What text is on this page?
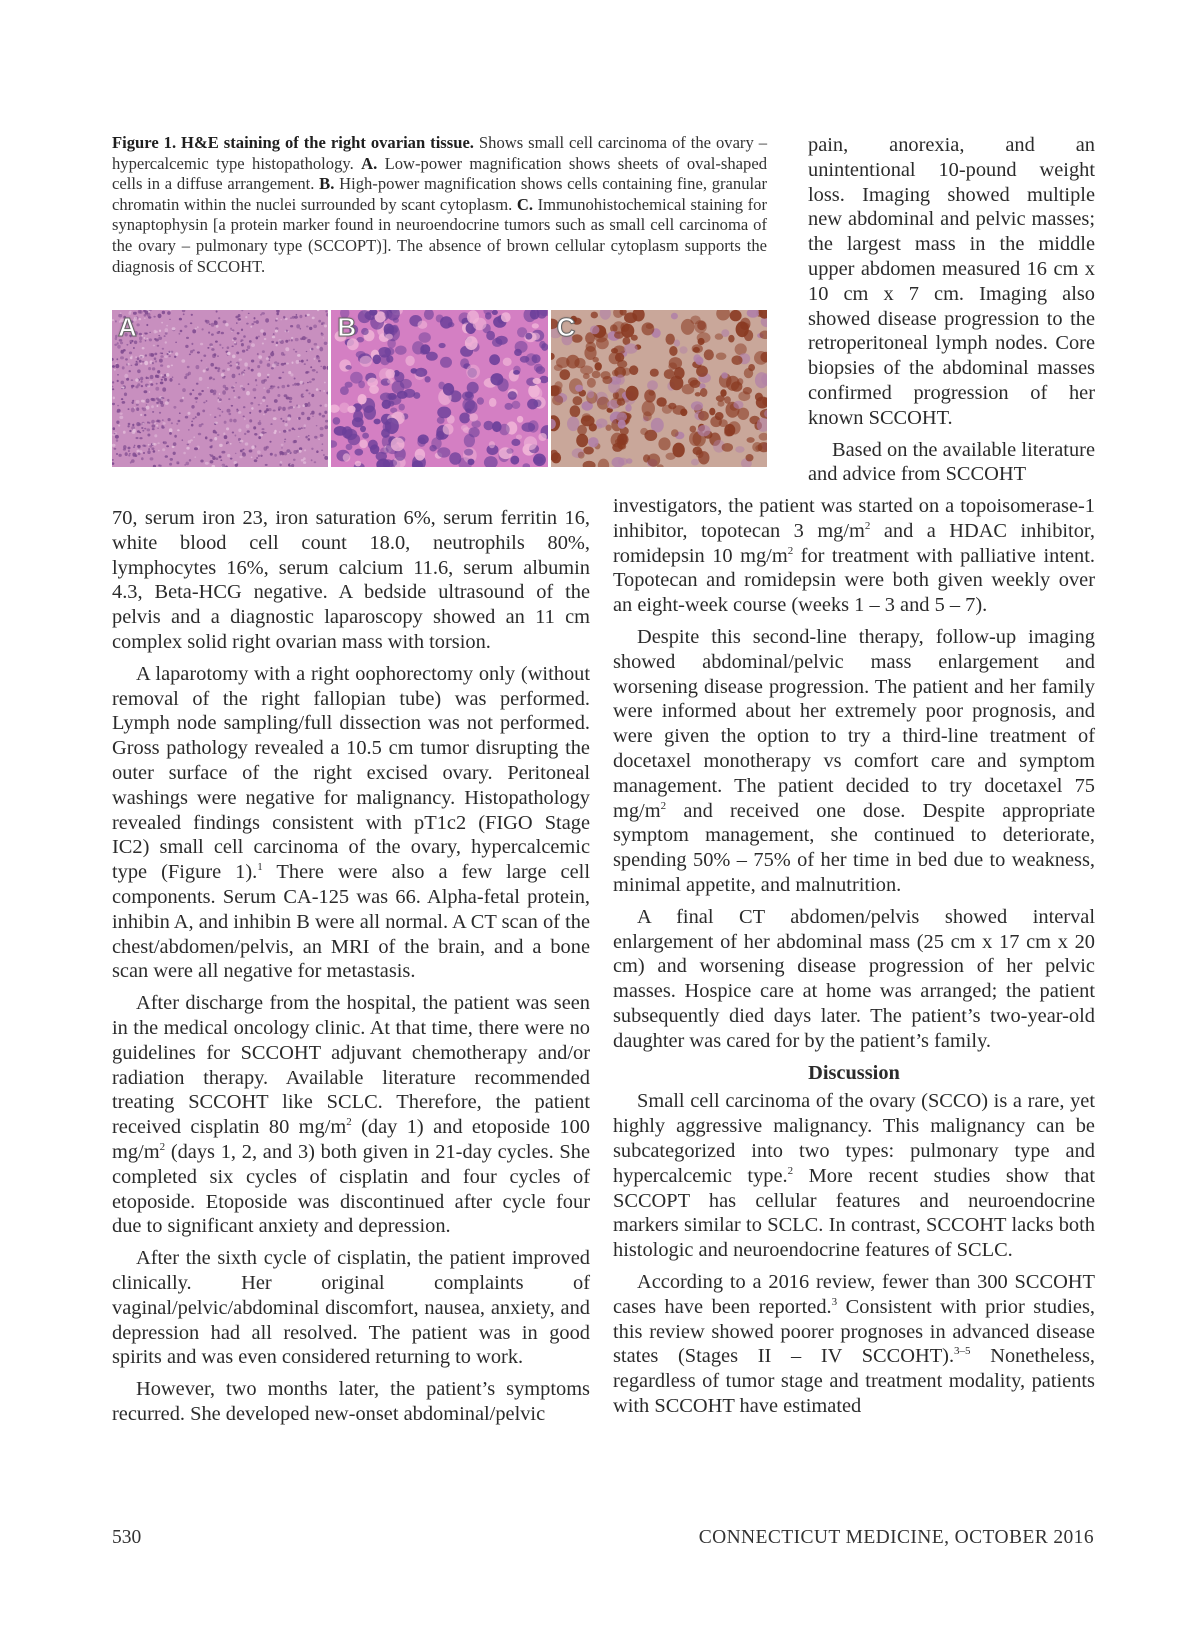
Figure 1. H&E staining of the right ovarian tissue. Shows small cell carcinoma of the ovary – hypercalcemic type histopathology. A. Low-power magnification shows sheets of oval-shaped cells in a diffuse arrangement. B. High-power magnification shows cells containing fine, granular chromatin within the nuclei surrounded by scant cytoplasm. C. Immunohistochemical staining for synaptophysin [a protein marker found in neuroendocrine tumors such as small cell carcinoma of the ovary – pulmonary type (SCCOPT)]. The absence of brown cellular cytoplasm supports the diagnosis of SCCOHT.
A	B	C

pain, anorexia, and an unintentional 10-pound weight loss. Imaging showed multiple new abdominal and pelvic masses; the largest mass in the middle upper abdomen measured 16 cm x 10 cm x 7 cm. Imaging also showed disease progression to the retroperitoneal lymph nodes. Core biopsies of the abdominal masses confirmed progression of her known SCCOHT.

Based on the available literature and advice from SCCOHT

70, serum iron 23, iron saturation 6%, serum ferritin 16, white blood cell count 18.0, neutrophils 80%, lymphocytes 16%, serum calcium 11.6, serum albumin 4.3, Beta-HCG negative. A bedside ultrasound of the pelvis and a diagnostic laparoscopy showed an 11 cm complex solid right ovarian mass with torsion.

A laparotomy with a right oophorectomy only (without removal of the right fallopian tube) was performed. Lymph node sampling/full dissection was not performed. Gross pathology revealed a 10.5 cm tumor disrupting the outer surface of the right excised ovary. Peritoneal washings were negative for malignancy. Histopathology revealed findings consistent with pT1c2 (FIGO Stage IC2) small cell carcinoma of the ovary, hypercalcemic type (Figure 1).$^1$ There were also a few large cell components. Serum CA-125 was 66. Alpha-fetal protein, inhibin A, and inhibin B were all normal. A CT scan of the chest/abdomen/pelvis, an MRI of the brain, and a bone scan were all negative for metastasis.

After discharge from the hospital, the patient was seen in the medical oncology clinic. At that time, there were no guidelines for SCCOHT adjuvant chemotherapy and/or radiation therapy. Available literature recommended treating SCCOHT like SCLC. Therefore, the patient received cisplatin 80 $mg/m^2$ (day 1) and etoposide 100 $mg/m^2$ (days 1, 2, and 3) both given in 21-day cycles. She completed six cycles of cisplatin and four cycles of etoposide. Etoposide was discontinued after cycle four due to significant anxiety and depression.

After the sixth cycle of cisplatin, the patient improved clinically. Her original complaints of vaginal/pelvic/abdominal discomfort, nausea, anxiety, and depression had all resolved. The patient was in good spirits and was even considered returning to work.

However, two months later, the patient’s symptoms recurred. She developed new-onset abdominal/pelvic

investigators, the patient was started on a topoisomerase-1 inhibitor, topotecan 3 $mg/m^2$ and a HDAC inhibitor, romidepsin 10 $mg/m^2$ for treatment with palliative intent. Topotecan and romidepsin were both given weekly over an eight-week course (weeks 1 – 3 and 5 – 7).

Despite this second-line therapy, follow-up imaging showed abdominal/pelvic mass enlargement and worsening disease progression. The patient and her family were informed about her extremely poor prognosis, and were given the option to try a third-line treatment of docetaxel monotherapy vs comfort care and symptom management. The patient decided to try docetaxel 75 $mg/m^2$ and received one dose. Despite appropriate symptom management, she continued to deteriorate, spending 50% – 75% of her time in bed due to weakness, minimal appetite, and malnutrition.

A final CT abdomen/pelvis showed interval enlargement of her abdominal mass (25 cm x 17 cm x 20 cm) and worsening disease progression of her pelvic masses. Hospice care at home was arranged; the patient subsequently died days later. The patient’s two-year-old daughter was cared for by the patient’s family.

Discussion

Small cell carcinoma of the ovary (SCCO) is a rare, yet highly aggressive malignancy. This malignancy can be subcategorized into two types: pulmonary type and hypercalcemic type.$^2$ More recent studies show that SCCOPT has cellular features and neuroendocrine markers similar to SCLC. In contrast, SCCOHT lacks both histologic and neuroendocrine features of SCLC.

According to a 2016 review, fewer than 300 SCCOHT cases have been reported.$^3$ Consistent with prior studies, this review showed poorer prognoses in advanced disease states (Stages II – IV SCCOHT).$^{3-5}$ Nonetheless, regardless of tumor stage and treatment modality, patients with SCCOHT have estimated

530	CONNECTICUT MEDICINE, OCTOBER 2016
